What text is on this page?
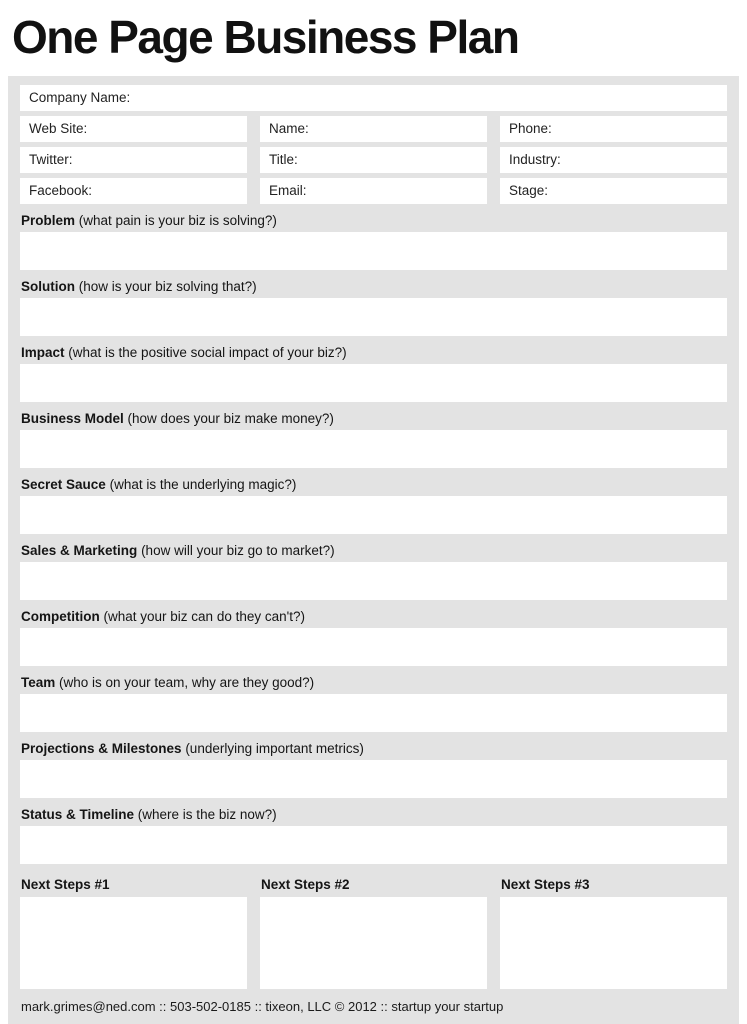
One Page Business Plan
Company Name:
Web Site:	Name:	Phone:
Twitter:	Title:	Industry:
Facebook:	Email:	Stage:
Problem (what pain is your biz is solving?)
Solution (how is your biz solving that?)
Impact (what is the positive social impact of your biz?)
Business Model (how does your biz make money?)
Secret Sauce (what is the underlying magic?)
Sales & Marketing (how will your biz go to market?)
Competition (what your biz can do they can't?)
Team (who is on your team, why are they good?)
Projections & Milestones (underlying important metrics)
Status & Timeline (where is the biz now?)
Next Steps #1	Next Steps #2	Next Steps #3
mark.grimes@ned.com :: 503-502-0185 :: tixeon, LLC © 2012 :: startup your startup
